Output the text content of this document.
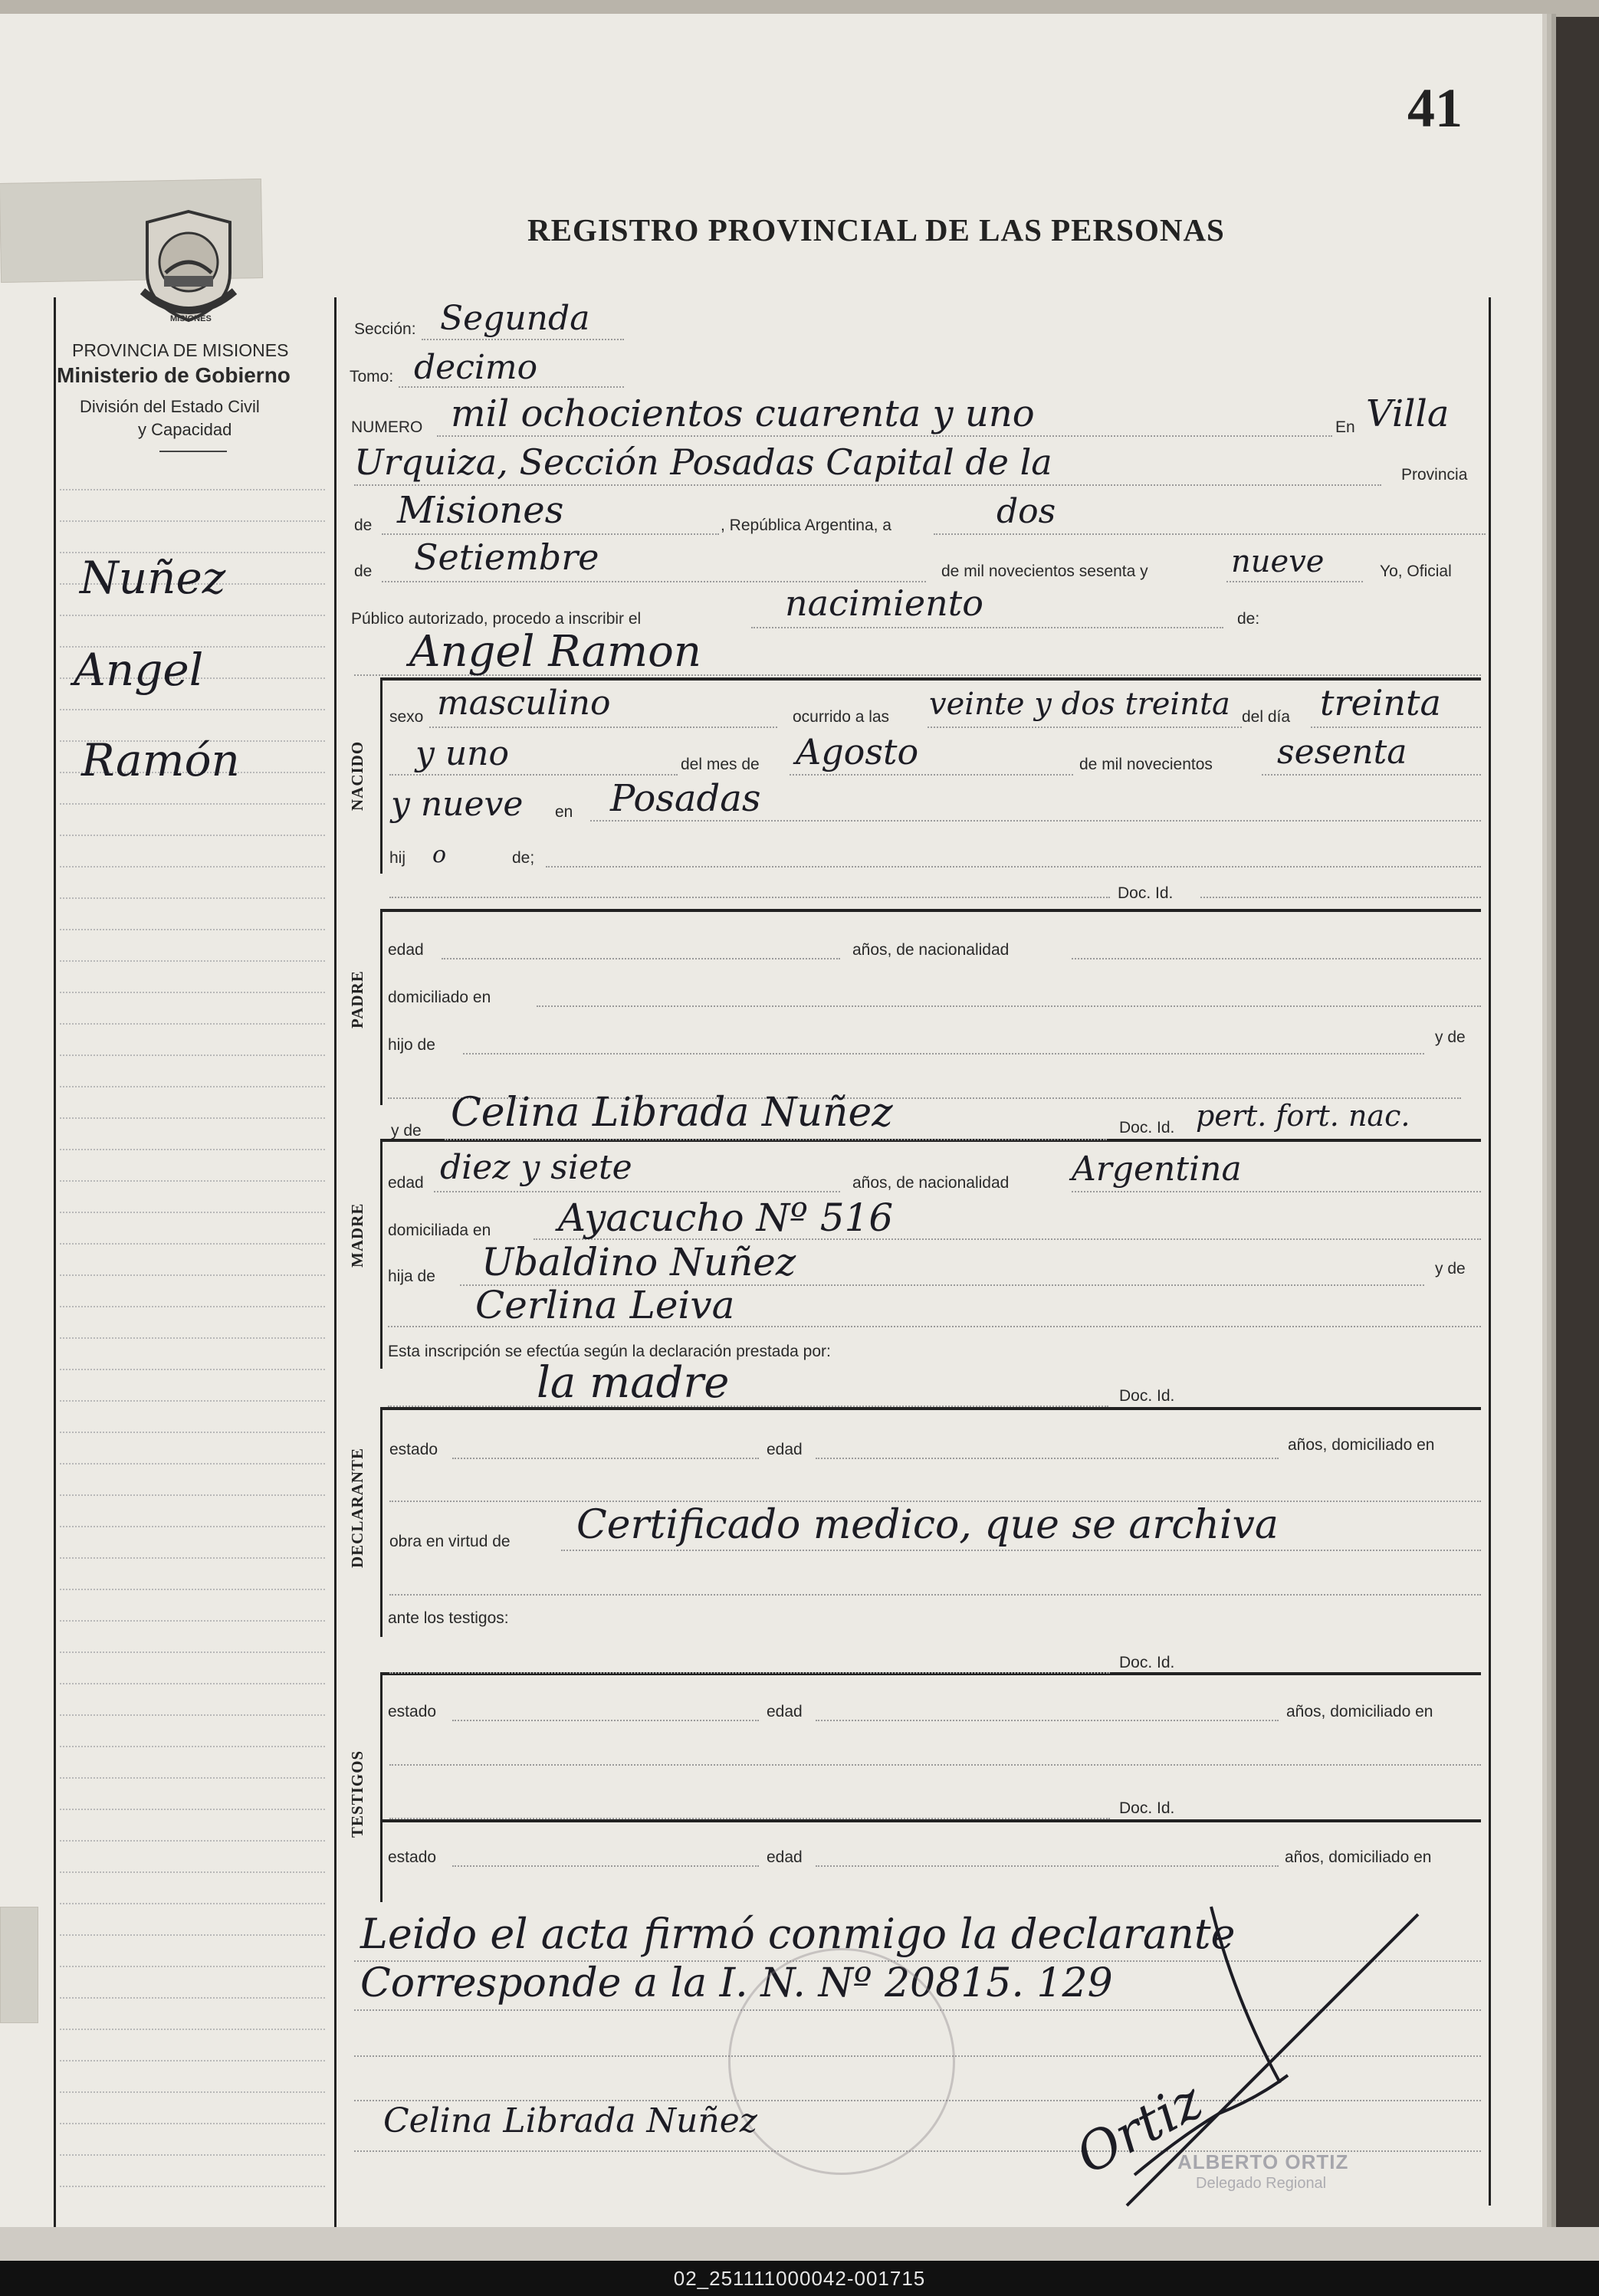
41
REGISTRO PROVINCIAL DE LAS PERSONAS
MISIONES
PROVINCIA DE MISIONES
Ministerio de Gobierno
División del Estado Civil
y Capacidad
Nuñez
Angel
Ramón
Sección: Segunda
Tomo: decimo
NUMERO mil ochocientos cuarenta y uno	En Villa
Urquiza, Sección Posadas Capital de la	Provincia
de Misiones	, República Argentina, a	dos
de Setiembre	de mil novecientos sesenta y	nueve	Yo, Oficial
Público autorizado, procedo a inscribir el	nacimiento	de:
Angel Ramon
NACIDO
PADRE
MADRE
DECLARANTE
TESTIGOS
sexo masculino	ocurrido a las veinte y dos treinta del día treinta
y uno	del mes de Agosto	de mil novecientos sesenta
y nueve en Posadas
hij o	de;
Doc. Id.
edad	años, de nacionalidad
domiciliado en
hijo de	y de
y de Celina Librada Nuñez	Doc. Id. pert. fort. nac.
edad diez y siete	años, de nacionalidad Argentina
domiciliada en Ayacucho Nº 516
hija de Ubaldino Nuñez	y de
Cerlina Leiva
Esta inscripción se efectúa según la declaración prestada por:
la madre	Doc. Id.
estado	edad	años, domiciliado en
obra en virtud de Certificado medico, que se archiva
ante los testigos:
Doc. Id.
estado	edad	años, domiciliado en
Doc. Id.
estado	edad	años, domiciliado en
Leido el acta firmó conmigo la declarante
Corresponde a la I. N. Nº 20815. 129
ALBERTO ORTIZ
Delegado Regional
Celina Librada Nuñez	Ortiz
02_251111000042-001715
